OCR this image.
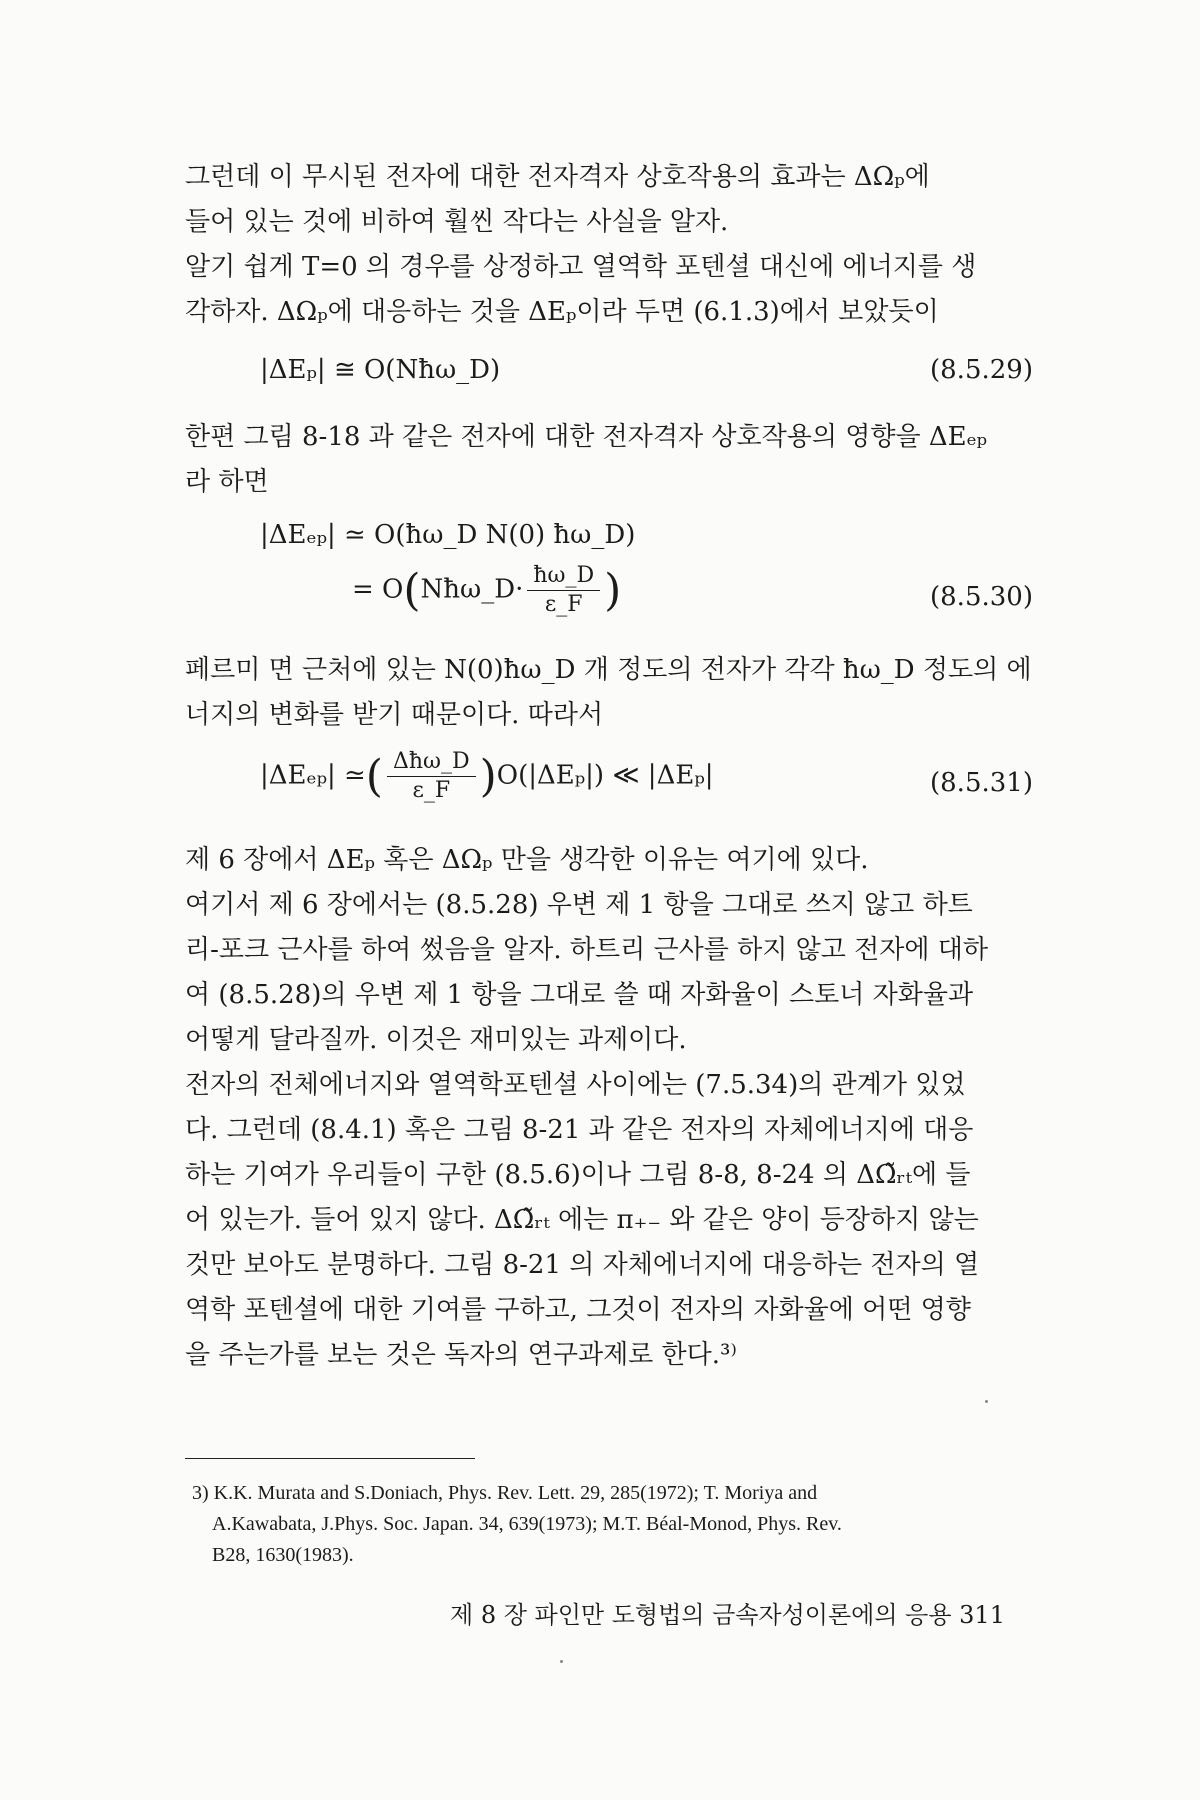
그런데 이 무시된 전자에 대한 전자격자 상호작용의 효과는 ΔΩₚ에
들어 있는 것에 비하여 훨씬 작다는 사실을 알자.

알기 쉽게 T=0 의 경우를 상정하고 열역학 포텐셜 대신에 에너지를 생
각하자. ΔΩₚ에 대응하는 것을 ΔEₚ이라 두면 (6.1.3)에서 보았듯이

|ΔEₚ| ≅ O(Nħω_D)	(8.5.29)

한편 그림 8-18 과 같은 전자에 대한 전자격자 상호작용의 영향을 ΔEₑₚ
라 하면

|ΔEₑₚ| ≃ O(ħω_D N(0) ħω_D)
= O(Nħω_D· $\frac{ħ\omega\_D}{\varepsilon\_F}$ )	(8.5.30)

페르미 면 근처에 있는 N(0)ħω_D 개 정도의 전자가 각각 ħω_D 정도의 에
너지의 변화를 받기 때문이다. 따라서

|ΔEₑₚ| ≃( $\frac{\text{Δħω\_D}}{\varepsilon\_F} )O(|\Delta E_p|)$ ≪ |ΔEₚ|	(8.5.31)

제 6 장에서 ΔEₚ 혹은 ΔΩₚ 만을 생각한 이유는 여기에 있다.

여기서 제 6 장에서는 (8.5.28) 우변 제 1 항을 그대로 쓰지 않고 하트
리-포크 근사를 하여 썼음을 알자. 하트리 근사를 하지 않고 전자에 대하
여 (8.5.28)의 우변 제 1 항을 그대로 쓸 때 자화율이 스토너 자화율과
어떻게 달라질까. 이것은 재미있는 과제이다.

전자의 전체에너지와 열역학포텐셜 사이에는 (7.5.34)의 관계가 있었
다. 그런데 (8.4.1) 혹은 그림 8-21 과 같은 전자의 자체에너지에 대응
하는 기여가 우리들이 구한 (8.5.6)이나 그림 8-8, 8-24 의 ΔΩ̃ᵣₜ에 들
어 있는가. 들어 있지 않다. ΔΩ̃ᵣₜ 에는 π₊₋ 와 같은 양이 등장하지 않는
것만 보아도 분명하다. 그림 8-21 의 자체에너지에 대응하는 전자의 열
역학 포텐셜에 대한 기여를 구하고, 그것이 전자의 자화율에 어떤 영향
을 주는가를 보는 것은 독자의 연구과제로 한다.³⁾

3) K.K. Murata and S.Doniach, Phys. Rev. Lett. 29, 285(1972); T. Moriya and
A.Kawabata, J.Phys. Soc. Japan. 34, 639(1973); M.T. Béal-Monod, Phys. Rev.
B28, 1630(1983).

제 8 장 파인만 도형법의 금속자성이론에의 응용 311
